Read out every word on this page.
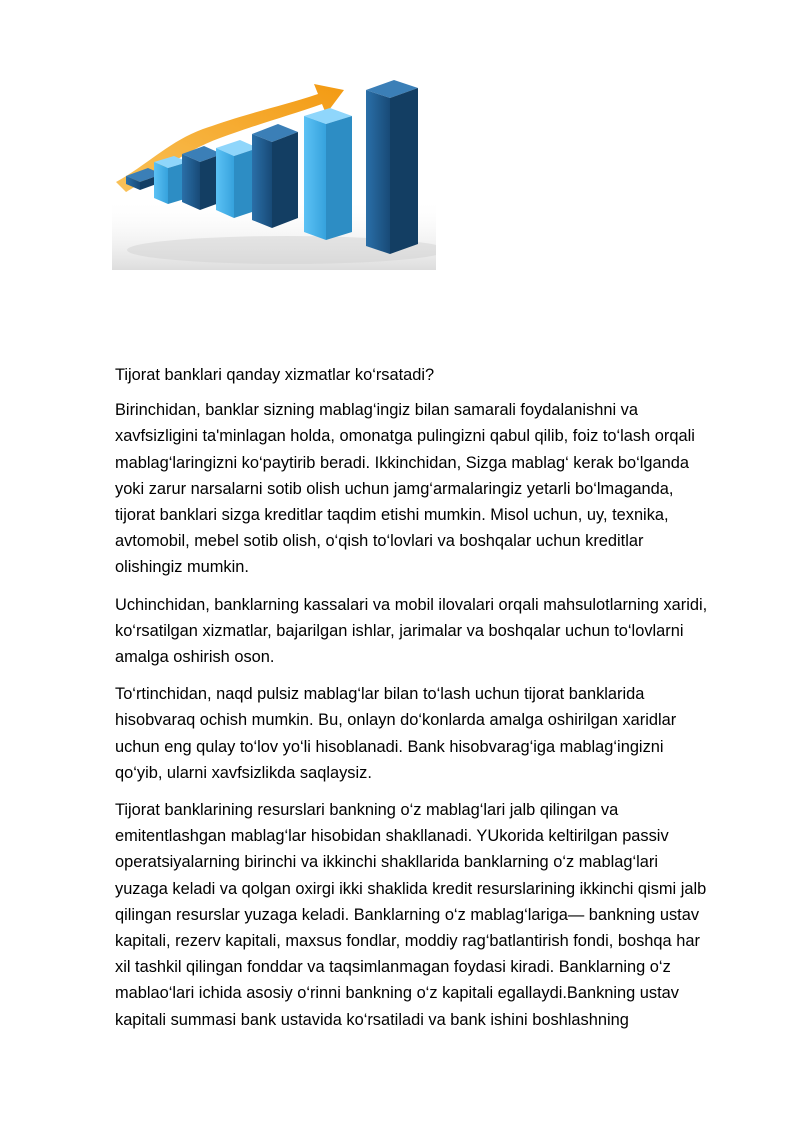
Tijorat banklari qanday xizmatlar ko‘rsatadi?

Birinchidan, banklar sizning mablag‘ingiz bilan samarali foydalanishni va
xavfsizligini ta'minlagan holda, omonatga pulingizni qabul qilib, foiz to‘lash orqali
mablag‘laringizni ko‘paytirib beradi. Ikkinchidan, Sizga mablag‘ kerak bo‘lganda
yoki zarur narsalarni sotib olish uchun jamg‘armalaringiz yetarli bo‘lmaganda,
tijorat banklari sizga kreditlar taqdim etishi mumkin. Misol uchun, uy, texnika,
avtomobil, mebel sotib olish, o‘qish to‘lovlari va boshqalar uchun kreditlar
olishingiz mumkin.

Uchinchidan, banklarning kassalari va mobil ilovalari orqali mahsulotlarning xaridi,
ko‘rsatilgan xizmatlar, bajarilgan ishlar, jarimalar va boshqalar uchun to‘lovlarni
amalga oshirish oson.

To‘rtinchidan, naqd pulsiz mablag‘lar bilan to‘lash uchun tijorat banklarida
hisobvaraq ochish mumkin. Bu, onlayn do‘konlarda amalga oshirilgan xaridlar
uchun eng qulay to‘lov yo‘li hisoblanadi. Bank hisobvarag‘iga mablag‘ingizni
qo‘yib, ularni xavfsizlikda saqlaysiz.

Tijorat banklarining resurslari bankning o‘z mablag‘lari jalb qilingan va
emitentlashgan mablag‘lar hisobidan shakllanadi. YUkorida keltirilgan passiv
operatsiyalarning birinchi va ikkinchi shakllarida banklarning o‘z mablag‘lari
yuzaga keladi va qolgan oxirgi ikki shaklida kredit resurslarining ikkinchi qismi jalb
qilingan resurslar yuzaga keladi. Banklarning o‘z mablag‘lariga— bankning ustav
kapitali, rezerv kapitali, maxsus fondlar, moddiy rag‘batlantirish fondi, boshqa har
xil tashkil qilingan fonddar va taqsimlanmagan foydasi kiradi. Banklarning o‘z
mablao‘lari ichida asosiy o‘rinni bankning o‘z kapitali egallaydi.Bankning ustav
kapitali summasi bank ustavida ko‘rsatiladi va bank ishini boshlashning
